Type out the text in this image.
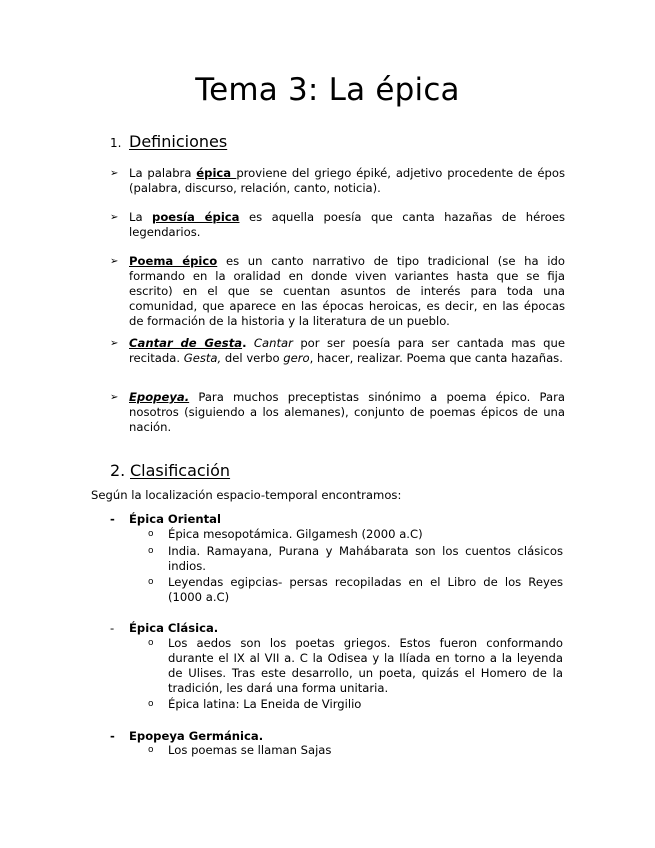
Tema 3: La épica
1. Definiciones
➢ La palabra épica proviene del griego épiké, adjetivo procedente de épos (palabra, discurso, relación, canto, noticia).
➢ La poesía épica es aquella poesía que canta hazañas de héroes legendarios.
➢ Poema épico es un canto narrativo de tipo tradicional (se ha ido formando en la oralidad en donde viven variantes hasta que se fija escrito) en el que se cuentan asuntos de interés para toda una comunidad, que aparece en las épocas heroicas, es decir, en las épocas de formación de la historia y la literatura de un pueblo.
➢ Cantar de Gesta. Cantar por ser poesía para ser cantada mas que recitada. Gesta, del verbo gero, hacer, realizar. Poema que canta hazañas.
➢ Epopeya. Para muchos preceptistas sinónimo a poema épico. Para nosotros (siguiendo a los alemanes), conjunto de poemas épicos de una nación.
2. Clasificación
Según la localización espacio-temporal encontramos:
- Épica Oriental
o Épica mesopotámica. Gilgamesh (2000 a.C)
o India. Ramayana, Purana y Mahábarata son los cuentos clásicos indios.
o Leyendas egipcias- persas recopiladas en el Libro de los Reyes (1000 a.C)
- Épica Clásica.
o Los aedos son los poetas griegos. Estos fueron conformando durante el IX al VII a. C la Odisea y la Ilíada en torno a la leyenda de Ulises. Tras este desarrollo, un poeta, quizás el Homero de la tradición, les dará una forma unitaria.
o Épica latina: La Eneida de Virgilio
- Epopeya Germánica.
o Los poemas se llaman Sajas
